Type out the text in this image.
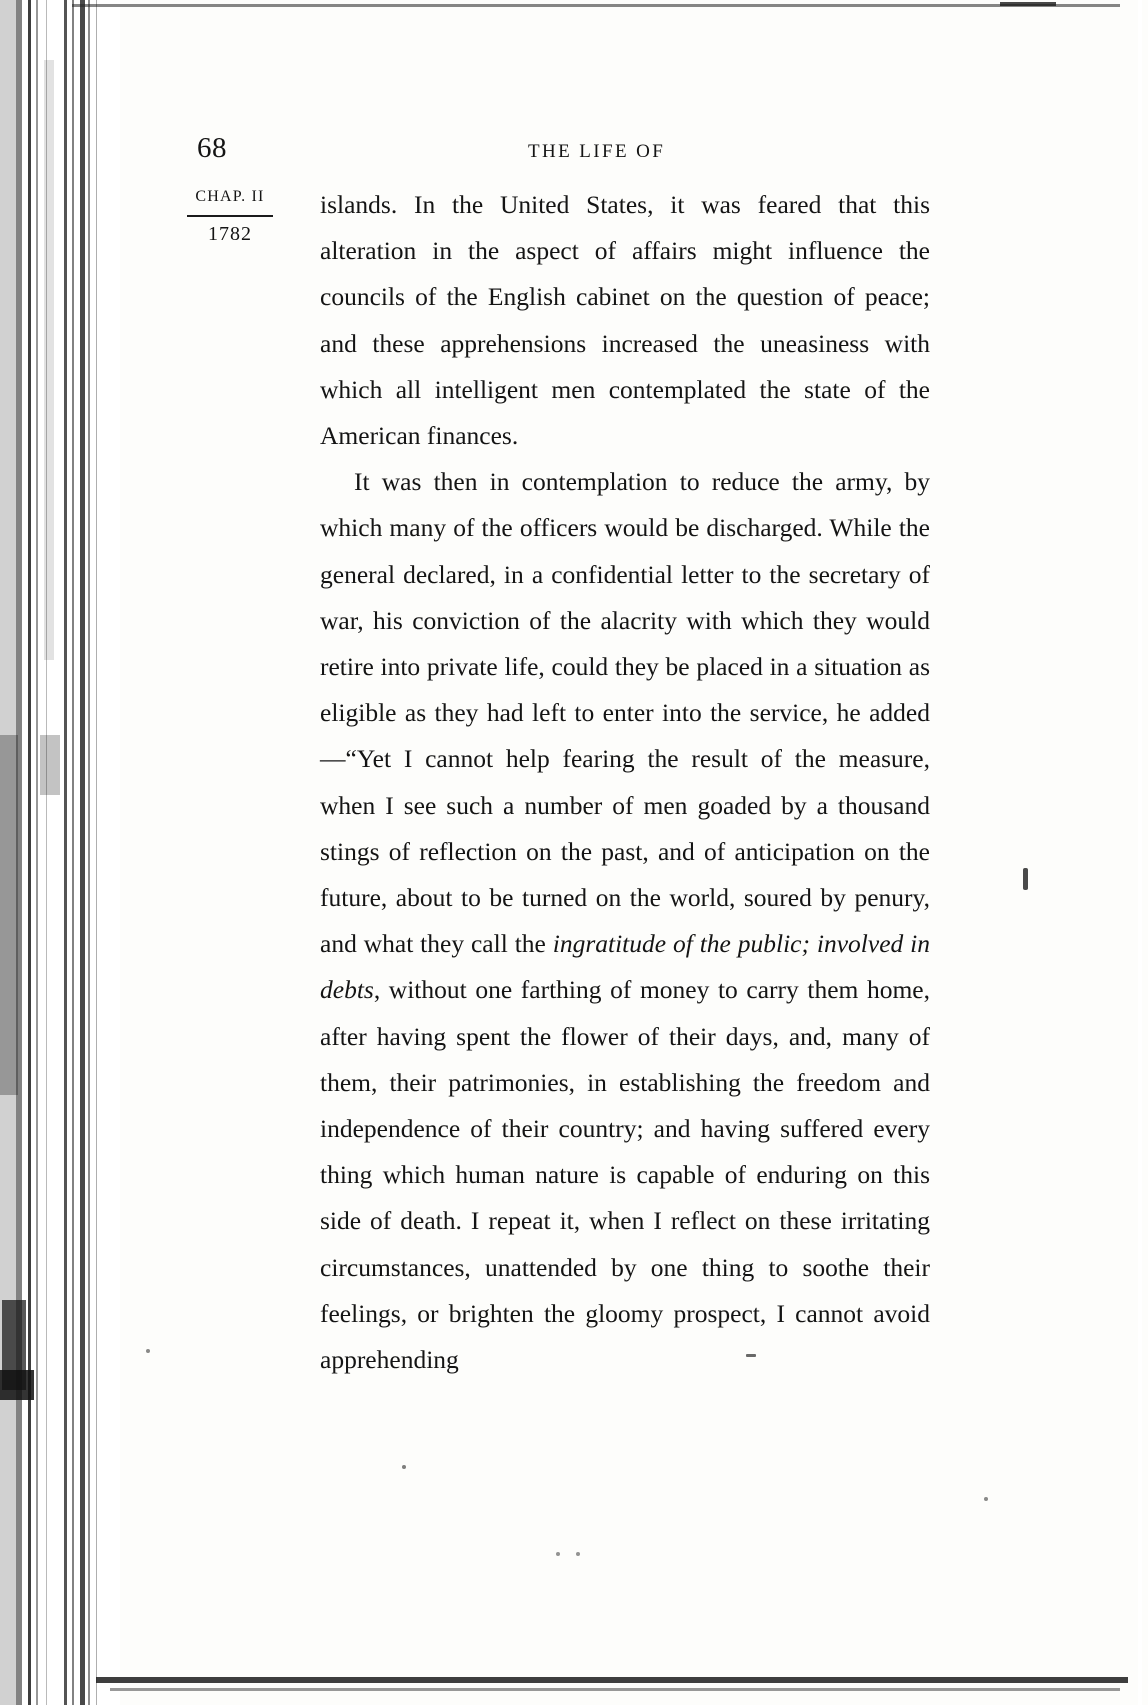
68	THE LIFE OF
CHAP. II
1782

islands. In the United States, it was feared that this alteration in the aspect of affairs might influence the councils of the English cabinet on the question of peace; and these apprehensions increased the uneasiness with which all intelligent men contemplated the state of the American finances.

It was then in contemplation to reduce the army, by which many of the officers would be discharged. While the general declared, in a confidential letter to the secretary of war, his conviction of the alacrity with which they would retire into private life, could they be placed in a situation as eligible as they had left to enter into the service, he added—“Yet I cannot help fearing the result of the measure, when I see such a number of men goaded by a thousand stings of reflection on the past, and of anticipation on the future, about to be turned on the world, soured by penury, and what they call the ingratitude of the public; involved in debts, without one farthing of money to carry them home, after having spent the flower of their days, and, many of them, their patrimonies, in establishing the freedom and independence of their country; and having suffered every thing which human nature is capable of enduring on this side of death. I repeat it, when I reflect on these irritating circumstances, unattended by one thing to soothe their feelings, or brighten the gloomy prospect, I cannot avoid apprehending
